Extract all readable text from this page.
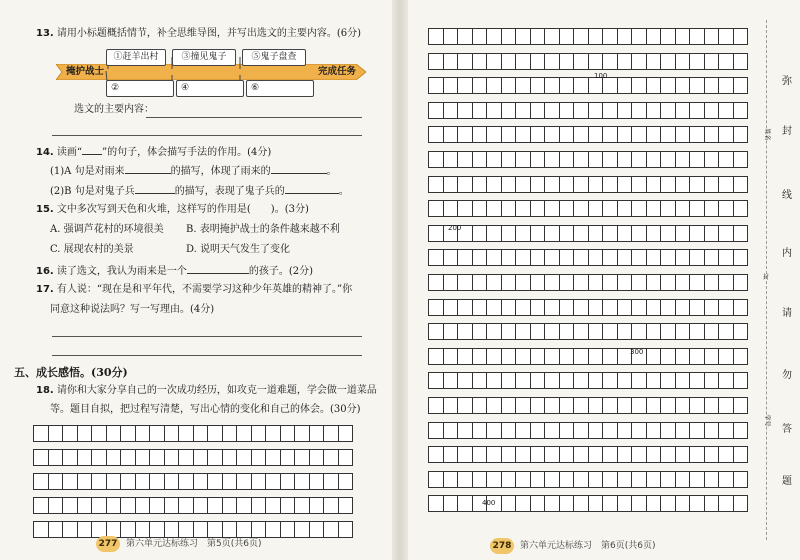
13. 请用小标题概括情节，补全思维导图，并写出选文的主要内容。(6分)
掩护战士	完成任务
①赶羊出村	③撞见鬼子	⑤鬼子盘查
②	④	⑥
选文的主要内容：
14. 读画“ ”的句子，体会描写手法的作用。(4分)
(1)A 句是对雨来	的描写，体现了雨来的	。
(2)B 句是对鬼子兵	的描写，表现了鬼子兵的	。
15. 文中多次写到天色和火堆，这样写的作用是(　　)。(3分)
A. 强调芦花村的环境很美 B. 表明掩护战士的条件越来越不利
C. 展现农村的美景	D. 说明天气发生了变化
16. 读了选文，我认为雨来是一个	的孩子。(2分)
17. 有人说：“现在是和平年代，不需要学习这种少年英雄的精神了。”你
同意这种说法吗？写一写理由。(4分)
五、成长感悟。(30分)
18. 请你和大家分享自己的一次成功经历，如攻克一道难题，学会做一道菜品
等。题目自拟，把过程写清楚，写出心情的变化和自己的体会。(30分)
277 第六单元达标练习　第5页(共6页)
100
200
300
400
弥
封
线
内
请
勿
答
题
姓名
封
学号
278 第六单元达标练习　第6页(共6页)
